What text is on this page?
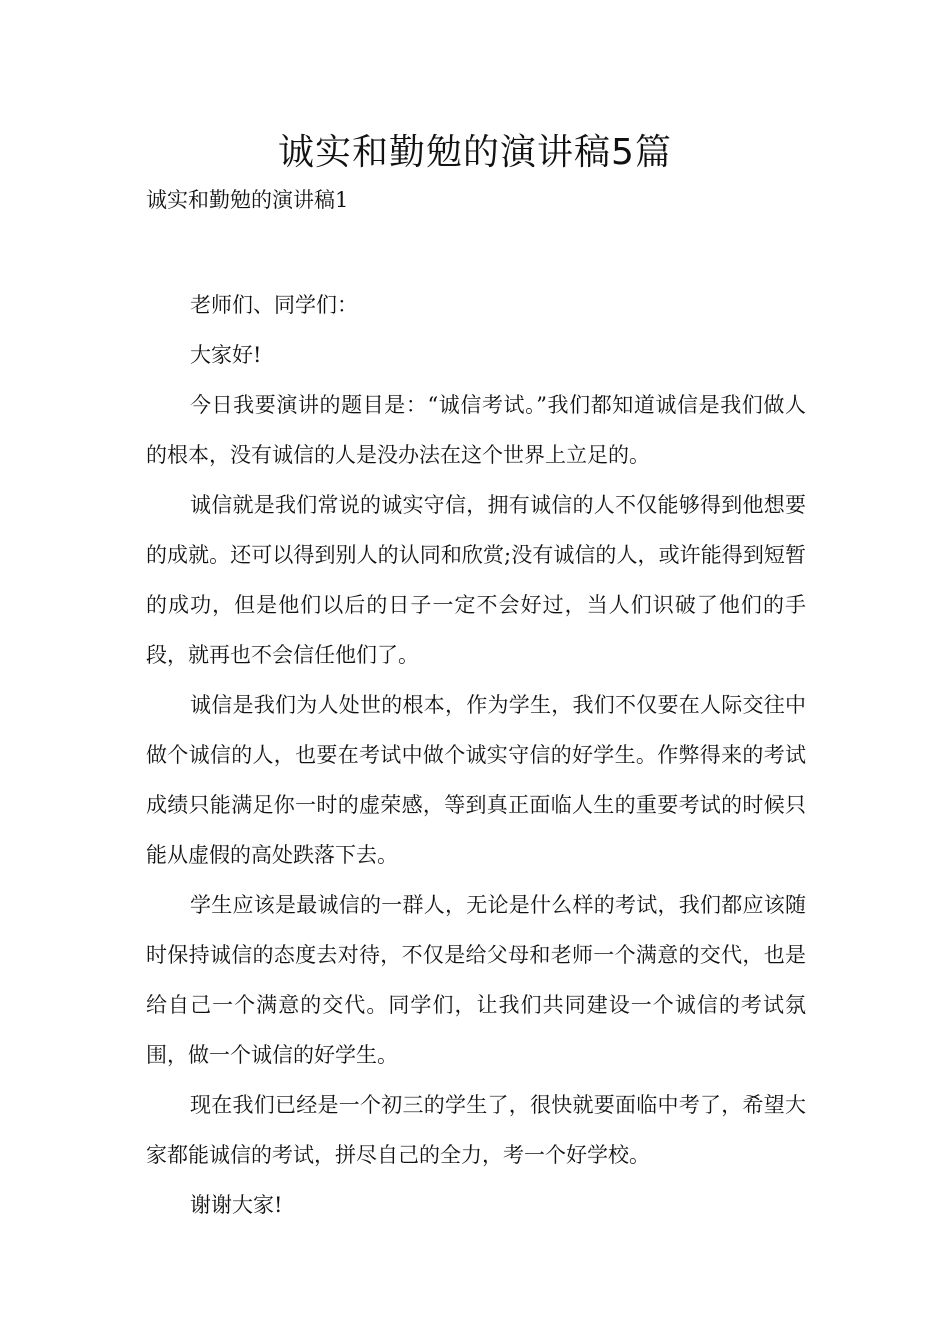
诚实和勤勉的演讲稿5篇
诚实和勤勉的演讲稿1

老师们、同学们：

大家好!

今日我要演讲的题目是：“诚信考试。”我们都知道诚信是我们做人的根本，没有诚信的人是没办法在这个世界上立足的。

诚信就是我们常说的诚实守信，拥有诚信的人不仅能够得到他想要的成就。还可以得到别人的认同和欣赏;没有诚信的人，或许能得到短暂的成功，但是他们以后的日子一定不会好过，当人们识破了他们的手段，就再也不会信任他们了。

诚信是我们为人处世的根本，作为学生，我们不仅要在人际交往中做个诚信的人，也要在考试中做个诚实守信的好学生。作弊得来的考试成绩只能满足你一时的虚荣感，等到真正面临人生的重要考试的时候只能从虚假的高处跌落下去。

学生应该是最诚信的一群人，无论是什么样的考试，我们都应该随时保持诚信的态度去对待，不仅是给父母和老师一个满意的交代，也是给自己一个满意的交代。同学们，让我们共同建设一个诚信的考试氛围，做一个诚信的好学生。

现在我们已经是一个初三的学生了，很快就要面临中考了，希望大家都能诚信的考试，拼尽自己的全力，考一个好学校。

谢谢大家!
